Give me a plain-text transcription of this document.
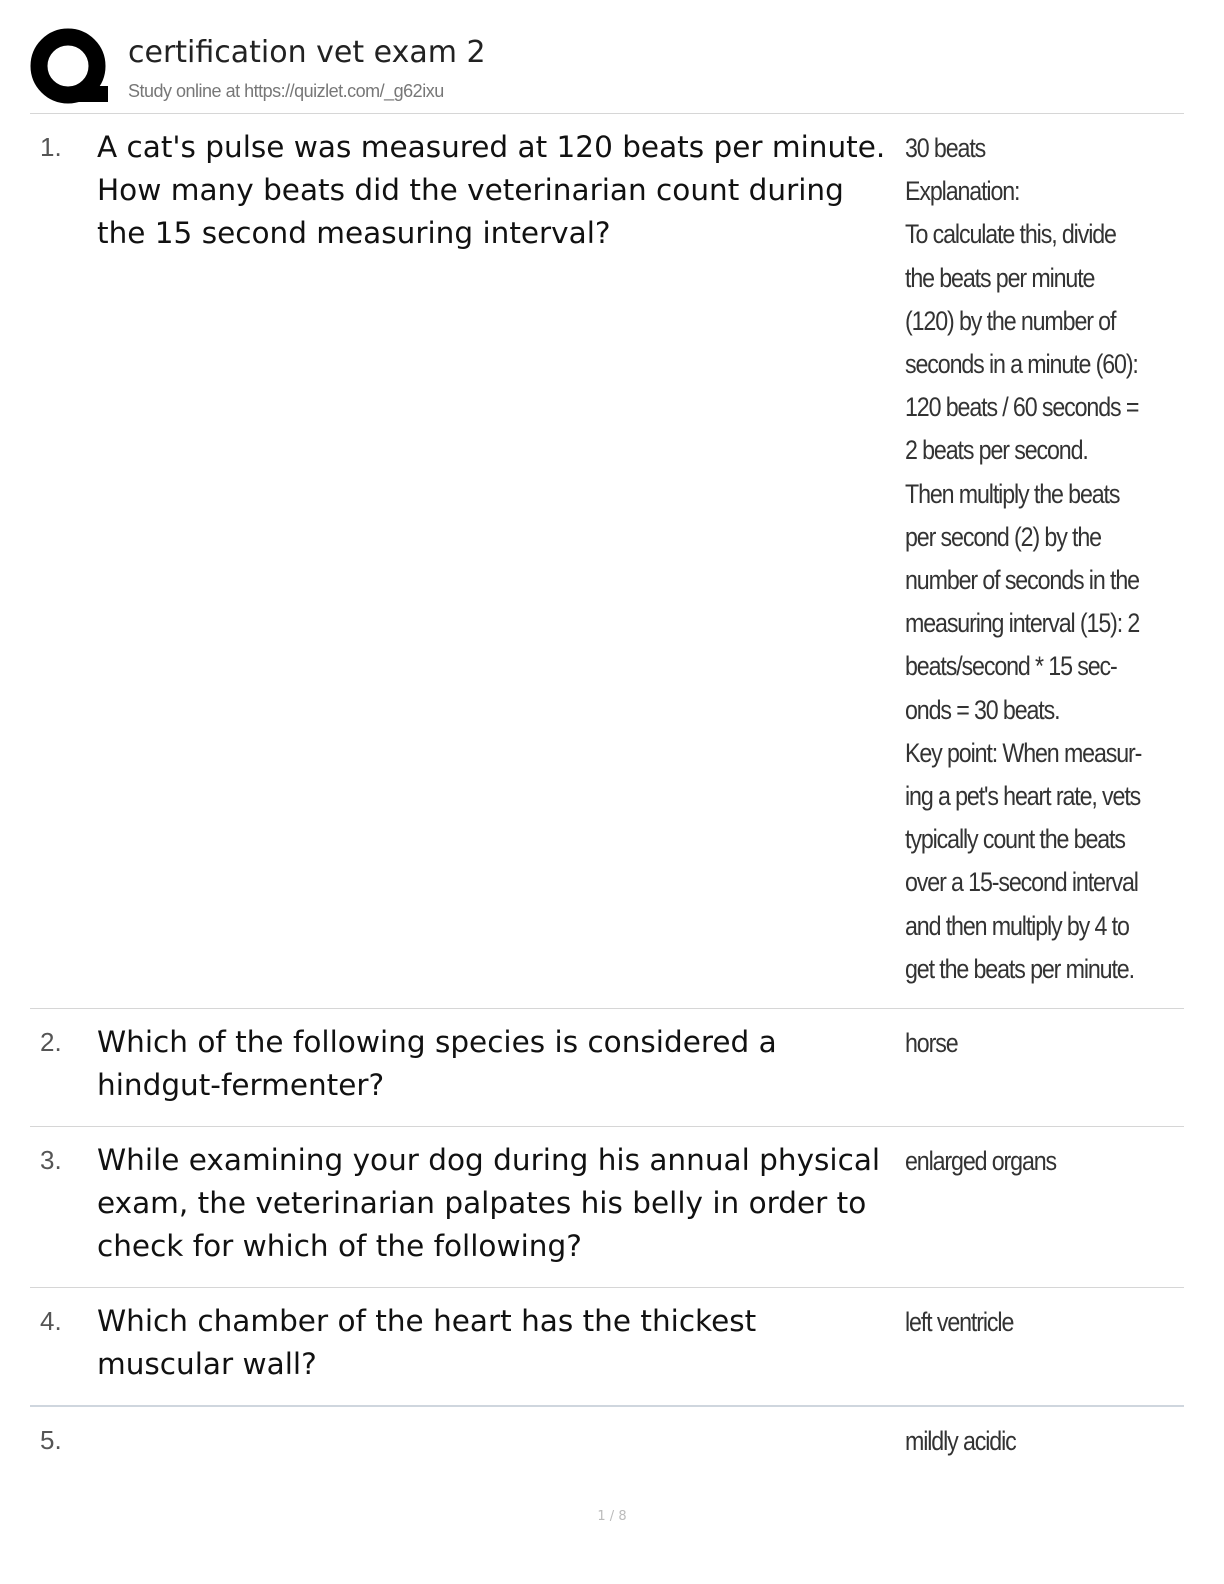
certification vet exam 2
Study online at https://quizlet.com/_g62ixu
1. A cat's pulse was measured at 120 beats per minute. How many beats did the veterinarian count during the 15 second measuring interval?
30 beats
Explanation:
To calculate this, divide the beats per minute (120) by the number of seconds in a minute (60): 120 beats / 60 seconds = 2 beats per second.
Then multiply the beats per second (2) by the number of seconds in the measuring interval (15): 2 beats/second * 15 sec-onds = 30 beats.
Key point: When measur-ing a pet's heart rate, vets typically count the beats over a 15-second interval and then multiply by 4 to get the beats per minute.
2. Which of the following species is considered a hindgut-fermenter?
horse
3. While examining your dog during his annual physical exam, the veterinarian palpates his belly in order to check for which of the following?
enlarged organs
4. Which chamber of the heart has the thickest muscular wall?
left ventricle
5.	mildly acidic
1 / 8
